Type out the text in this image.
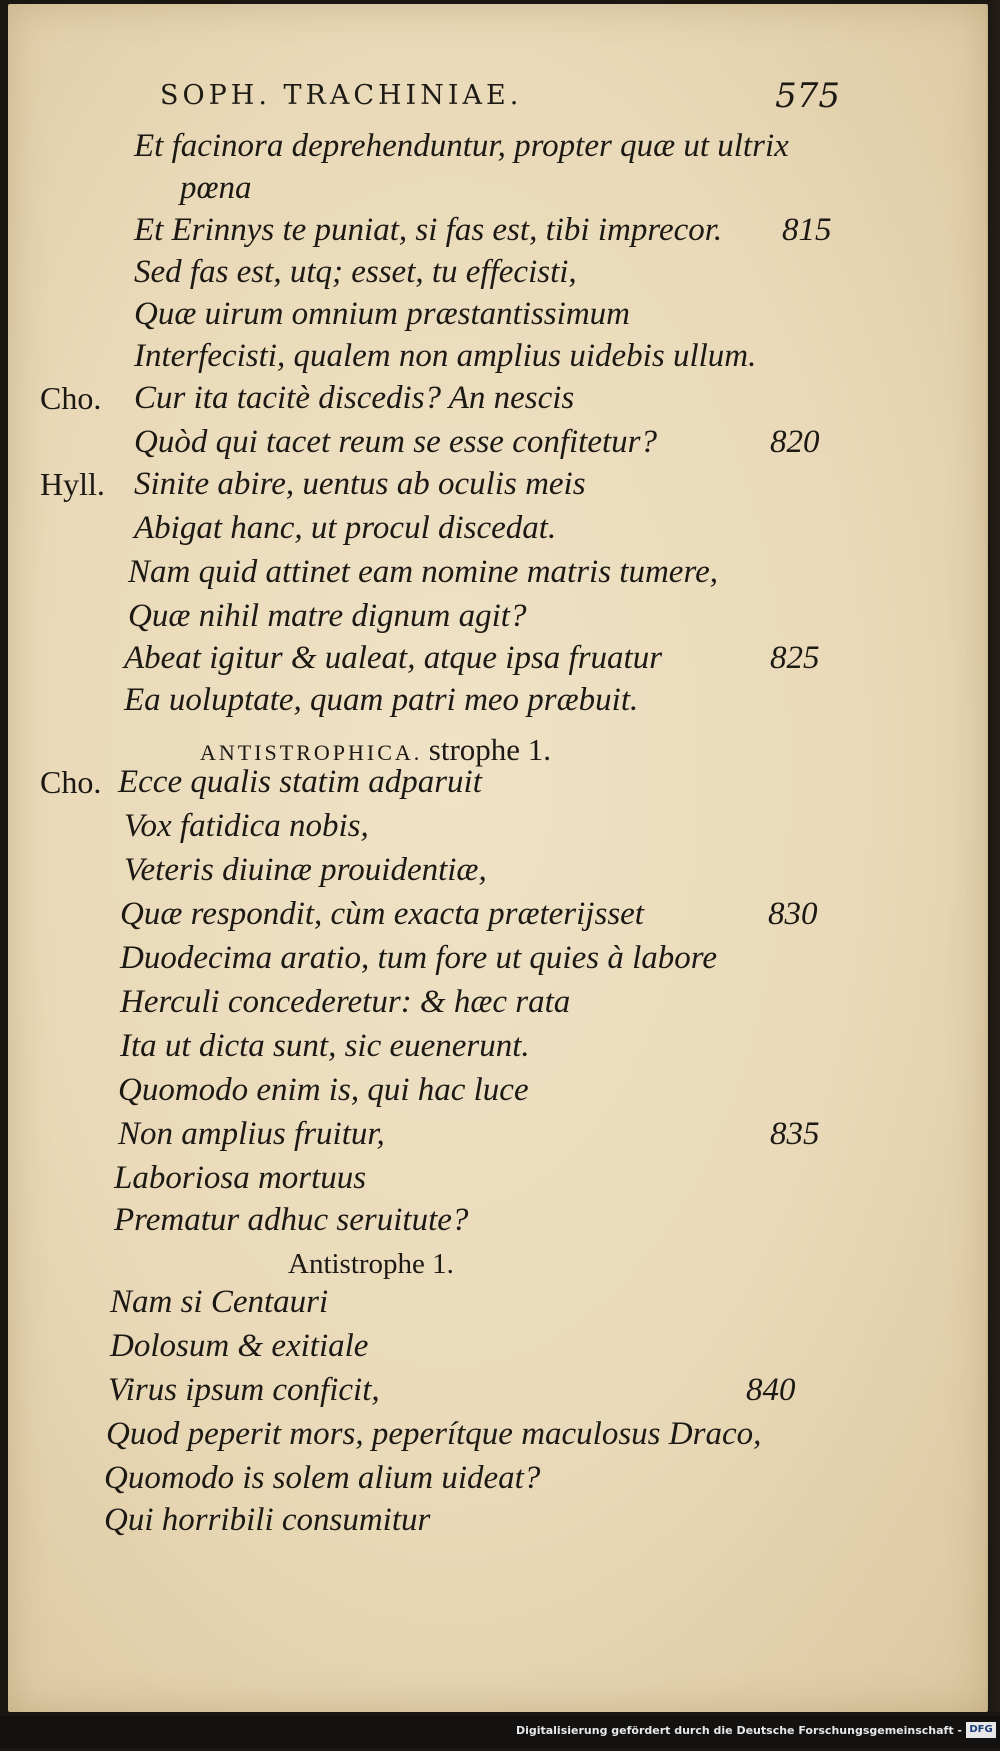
SOPH. TRACHINIAE.	575
Et facinora deprehenduntur, propter quæ ut ultrix
pœna
Et Erinnys te puniat, si fas est, tibi imprecor. 815
Sed fas est, utq; esset, tu effecisti,
Quæ uirum omnium præstantissimum
Interfecisti, qualem non amplius uidebis ullum.
Cho. Cur ita tacitè discedis? An nescis
Quòd qui tacet reum se esse confitetur?	820
Hyll. Sinite abire, uentus ab oculis meis
Abigat hanc, ut procul discedat.
Nam quid attinet eam nomine matris tumere,
Quæ nihil matre dignum agit?
Abeat igitur & ualeat, atque ipsa fruatur	825
Ea uoluptate, quam patri meo præbuit.
ANTISTROPHICA. strophe 1.
Cho. Ecce qualis statim adparuit
Vox fatidica nobis,
Veteris diuinæ prouidentiæ,
Quæ respondit, cùm exacta præterijsset	830
Duodecima aratio, tum fore ut quies à labore
Herculi concederetur: & hæc rata
Ita ut dicta sunt, sic euenerunt.
Quomodo enim is, qui hac luce
Non amplius fruitur,	835
Laboriosa mortuus
Prematur adhuc seruitute?
Antistrophe 1.
Nam si Centauri
Dolosum & exitiale
Virus ipsum conficit,	840
Quod peperit mors, peperítque maculosus Draco,
Quomodo is solem alium uideat?
Qui horribili consumitur
Digitalisierung gefördert durch die Deutsche Forschungsgemeinschaft - DFG
